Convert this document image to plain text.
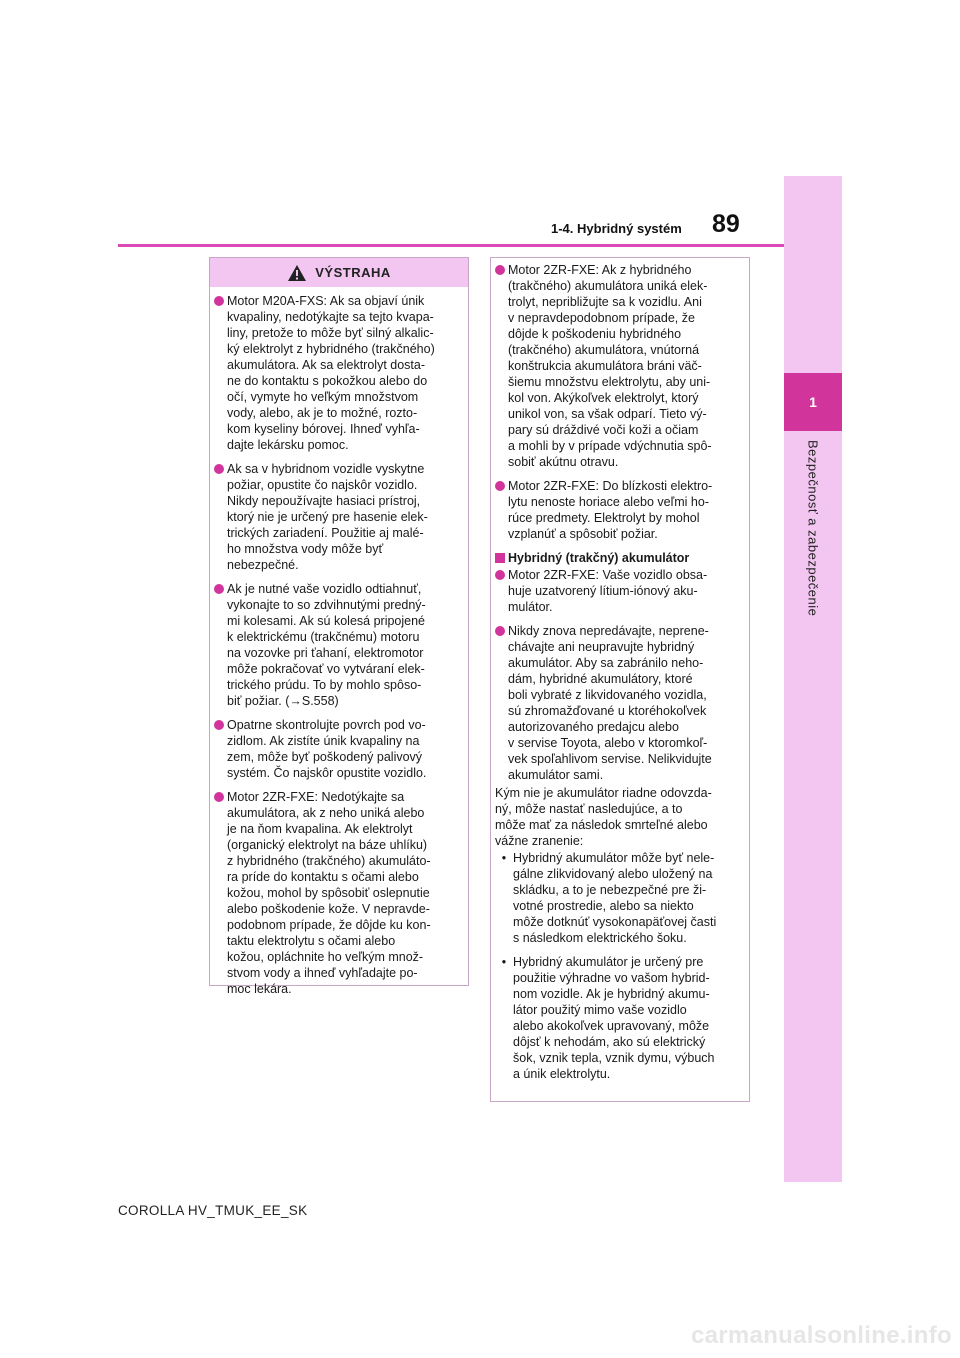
1
Bezpečnosť a zabezpečenie
89
1-4. Hybridný systém
VÝSTRAHA
Motor M20A-FXS: Ak sa objaví únik
kvapaliny, nedotýkajte sa tejto kvapa-
liny, pretože to môže byť silný alkalic-
ký elektrolyt z hybridného (trakčného)
akumulátora. Ak sa elektrolyt dosta-
ne do kontaktu s pokožkou alebo do
očí, vymyte ho veľkým množstvom
vody, alebo, ak je to možné, rozto-
kom kyseliny bórovej. Ihneď vyhľa-
dajte lekársku pomoc.
Ak sa v hybridnom vozidle vyskytne
požiar, opustite čo najskôr vozidlo.
Nikdy nepoužívajte hasiaci prístroj,
ktorý nie je určený pre hasenie elek-
trických zariadení. Použitie aj malé-
ho množstva vody môže byť
nebezpečné.
Ak je nutné vaše vozidlo odtiahnuť,
vykonajte to so zdvihnutými predný-
mi kolesami. Ak sú kolesá pripojené
k elektrickému (trakčnému) motoru
na vozovke pri ťahaní, elektromotor
môže pokračovať vo vytváraní elek-
trického prúdu. To by mohlo spôso-
biť požiar. (→S.558)
Opatrne skontrolujte povrch pod vo-
zidlom. Ak zistíte únik kvapaliny na
zem, môže byť poškodený palivový
systém. Čo najskôr opustite vozidlo.
Motor 2ZR-FXE: Nedotýkajte sa
akumulátora, ak z neho uniká alebo
je na ňom kvapalina. Ak elektrolyt
(organický elektrolyt na báze uhlíku)
z hybridného (trakčného) akumuláto-
ra príde do kontaktu s očami alebo
kožou, mohol by spôsobiť oslepnutie
alebo poškodenie kože. V nepravde-
podobnom prípade, že dôjde ku kon-
taktu elektrolytu s očami alebo
kožou, opláchnite ho veľkým množ-
stvom vody a ihneď vyhľadajte po-
moc lekára.
Motor 2ZR-FXE: Ak z hybridného
(trakčného) akumulátora uniká elek-
trolyt, nepribližujte sa k vozidlu. Ani
v nepravdepodobnom prípade, že
dôjde k poškodeniu hybridného
(trakčného) akumulátora, vnútorná
konštrukcia akumulátora bráni väč-
šiemu množstvu elektrolytu, aby uni-
kol von. Akýkoľvek elektrolyt, ktorý
unikol von, sa však odparí. Tieto vý-
pary sú dráždivé voči koži a očiam
a mohli by v prípade vdýchnutia spô-
sobiť akútnu otravu.
Motor 2ZR-FXE: Do blízkosti elektro-
lytu nenoste horiace alebo veľmi ho-
rúce predmety. Elektrolyt by mohol
vzplanúť a spôsobiť požiar.
Hybridný (trakčný) akumulátor
Motor 2ZR-FXE: Vaše vozidlo obsa-
huje uzatvorený lítium-iónový aku-
mulátor.
Nikdy znova nepredávajte, neprene-
chávajte ani neupravujte hybridný
akumulátor. Aby sa zabránilo neho-
dám, hybridné akumulátory, ktoré
boli vybraté z likvidovaného vozidla,
sú zhromažďované u ktoréhokoľvek
autorizovaného predajcu alebo
v servise Toyota, alebo v ktoromkoľ-
vek spoľahlivom servise. Nelikvidujte
akumulátor sami.
Kým nie je akumulátor riadne odovzda-
ný, môže nastať nasledujúce, a to
môže mať za následok smrteľné alebo
vážne zranenie:
• Hybridný akumulátor môže byť nele-
gálne zlikvidovaný alebo uložený na
skládku, a to je nebezpečné pre ži-
votné prostredie, alebo sa niekto
môže dotknúť vysokonapäťovej časti
s následkom elektrického šoku.
• Hybridný akumulátor je určený pre
použitie výhradne vo vašom hybrid-
nom vozidle. Ak je hybridný akumu-
látor použitý mimo vaše vozidlo
alebo akokoľvek upravovaný, môže
dôjsť k nehodám, ako sú elektrický
šok, vznik tepla, vznik dymu, výbuch
a únik elektrolytu.
COROLLA HV_TMUK_EE_SK
carmanualsonline.info
